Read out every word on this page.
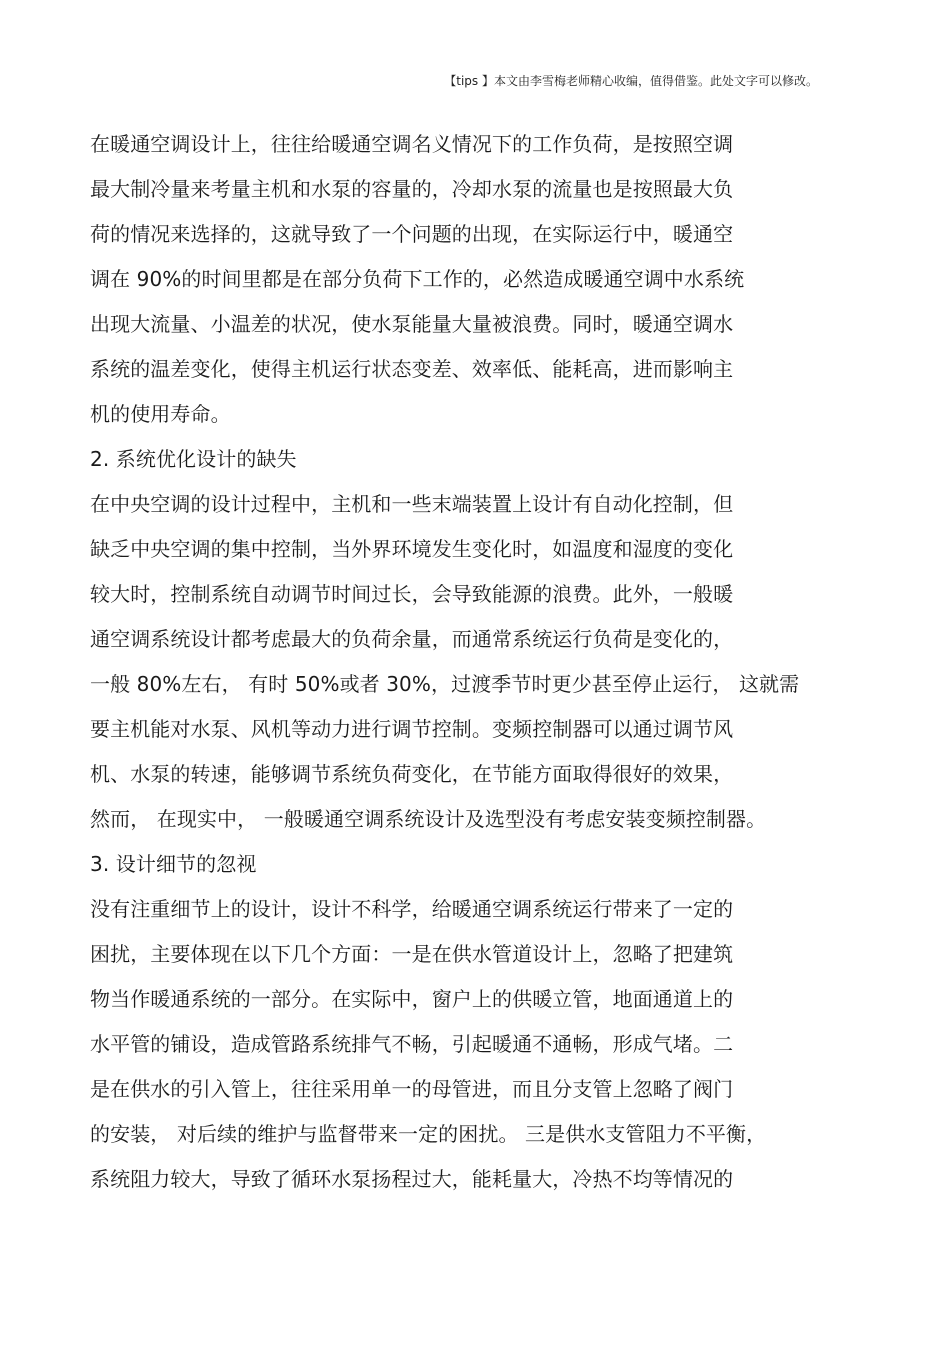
【tips 】本文由李雪梅老师精心收编，值得借鉴。此处文字可以修改。
在暖通空调设计上，往往给暖通空调名义情况下的工作负荷，是按照空调
最大制冷量来考量主机和水泵的容量的，冷却水泵的流量也是按照最大负
荷的情况来选择的，这就导致了一个问题的出现，在实际运行中，暖通空
调在 90%的时间里都是在部分负荷下工作的，必然造成暖通空调中水系统
出现大流量、小温差的状况，使水泵能量大量被浪费。同时，暖通空调水
系统的温差变化，使得主机运行状态变差、效率低、能耗高，进而影响主
机的使用寿命。
2. 系统优化设计的缺失
在中央空调的设计过程中，主机和一些末端装置上设计有自动化控制，但
缺乏中央空调的集中控制，当外界环境发生变化时，如温度和湿度的变化
较大时，控制系统自动调节时间过长，会导致能源的浪费。此外，一般暖
通空调系统设计都考虑最大的负荷余量，而通常系统运行负荷是变化的，
一般 80%左右， 有时 50%或者 30%，过渡季节时更少甚至停止运行， 这就需
要主机能对水泵、风机等动力进行调节控制。变频控制器可以通过调节风
机、水泵的转速，能够调节系统负荷变化，在节能方面取得很好的效果，
然而， 在现实中， 一般暖通空调系统设计及选型没有考虑安装变频控制器。
3. 设计细节的忽视
没有注重细节上的设计，设计不科学，给暖通空调系统运行带来了一定的
困扰，主要体现在以下几个方面：一是在供水管道设计上，忽略了把建筑
物当作暖通系统的一部分。在实际中，窗户上的供暖立管，地面通道上的
水平管的铺设，造成管路系统排气不畅，引起暖通不通畅，形成气堵。二
是在供水的引入管上，往往采用单一的母管进，而且分支管上忽略了阀门
的安装， 对后续的维护与监督带来一定的困扰。 三是供水支管阻力不平衡，
系统阻力较大，导致了循环水泵扬程过大，能耗量大，冷热不均等情况的
